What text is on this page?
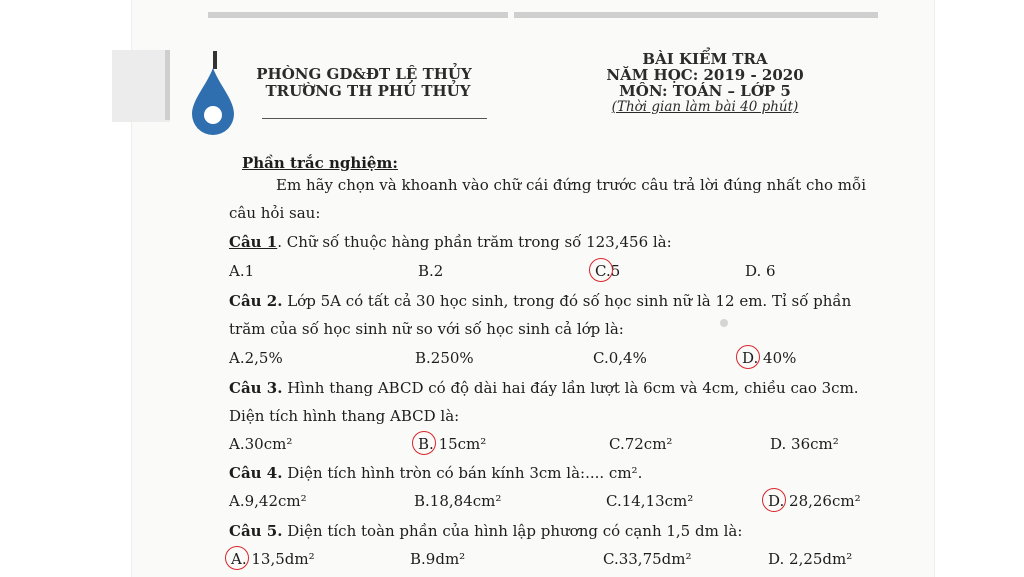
PHÒNG GD&ĐT LỆ THỦY
TRƯỜNG TH PHÚ THỦY
BÀI KIỂM TRA
NĂM HỌC: 2019 - 2020
MÔN: TOÁN – LỚP 5
(Thời gian làm bài 40 phút)
Phần trắc nghiệm:
Em hãy chọn và khoanh vào chữ cái đứng trước câu trả lời đúng nhất cho mỗi
câu hỏi sau:
Câu 1. Chữ số thuộc hàng phần trăm trong số 123,456 là:
A.1	B.2	C.5	D. 6
Câu 2. Lớp 5A có tất cả 30 học sinh, trong đó số học sinh nữ là 12 em. Tỉ số phần
trăm của số học sinh nữ so với số học sinh cả lớp là:
A.2,5%	B.250%	C.0,4%	D. 40%
Câu 3. Hình thang ABCD có độ dài hai đáy lần lượt là 6cm và 4cm, chiều cao 3cm.
Diện tích hình thang ABCD là:
A.30cm²	B. 15cm²	C.72cm²	D. 36cm²
Câu 4. Diện tích hình tròn có bán kính 3cm là:.... cm².
A.9,42cm²	B.18,84cm²	C.14,13cm²	D. 28,26cm²
Câu 5. Diện tích toàn phần của hình lập phương có cạnh 1,5 dm là:
A. 13,5dm²	B.9dm²	C.33,75dm²	D. 2,25dm²
